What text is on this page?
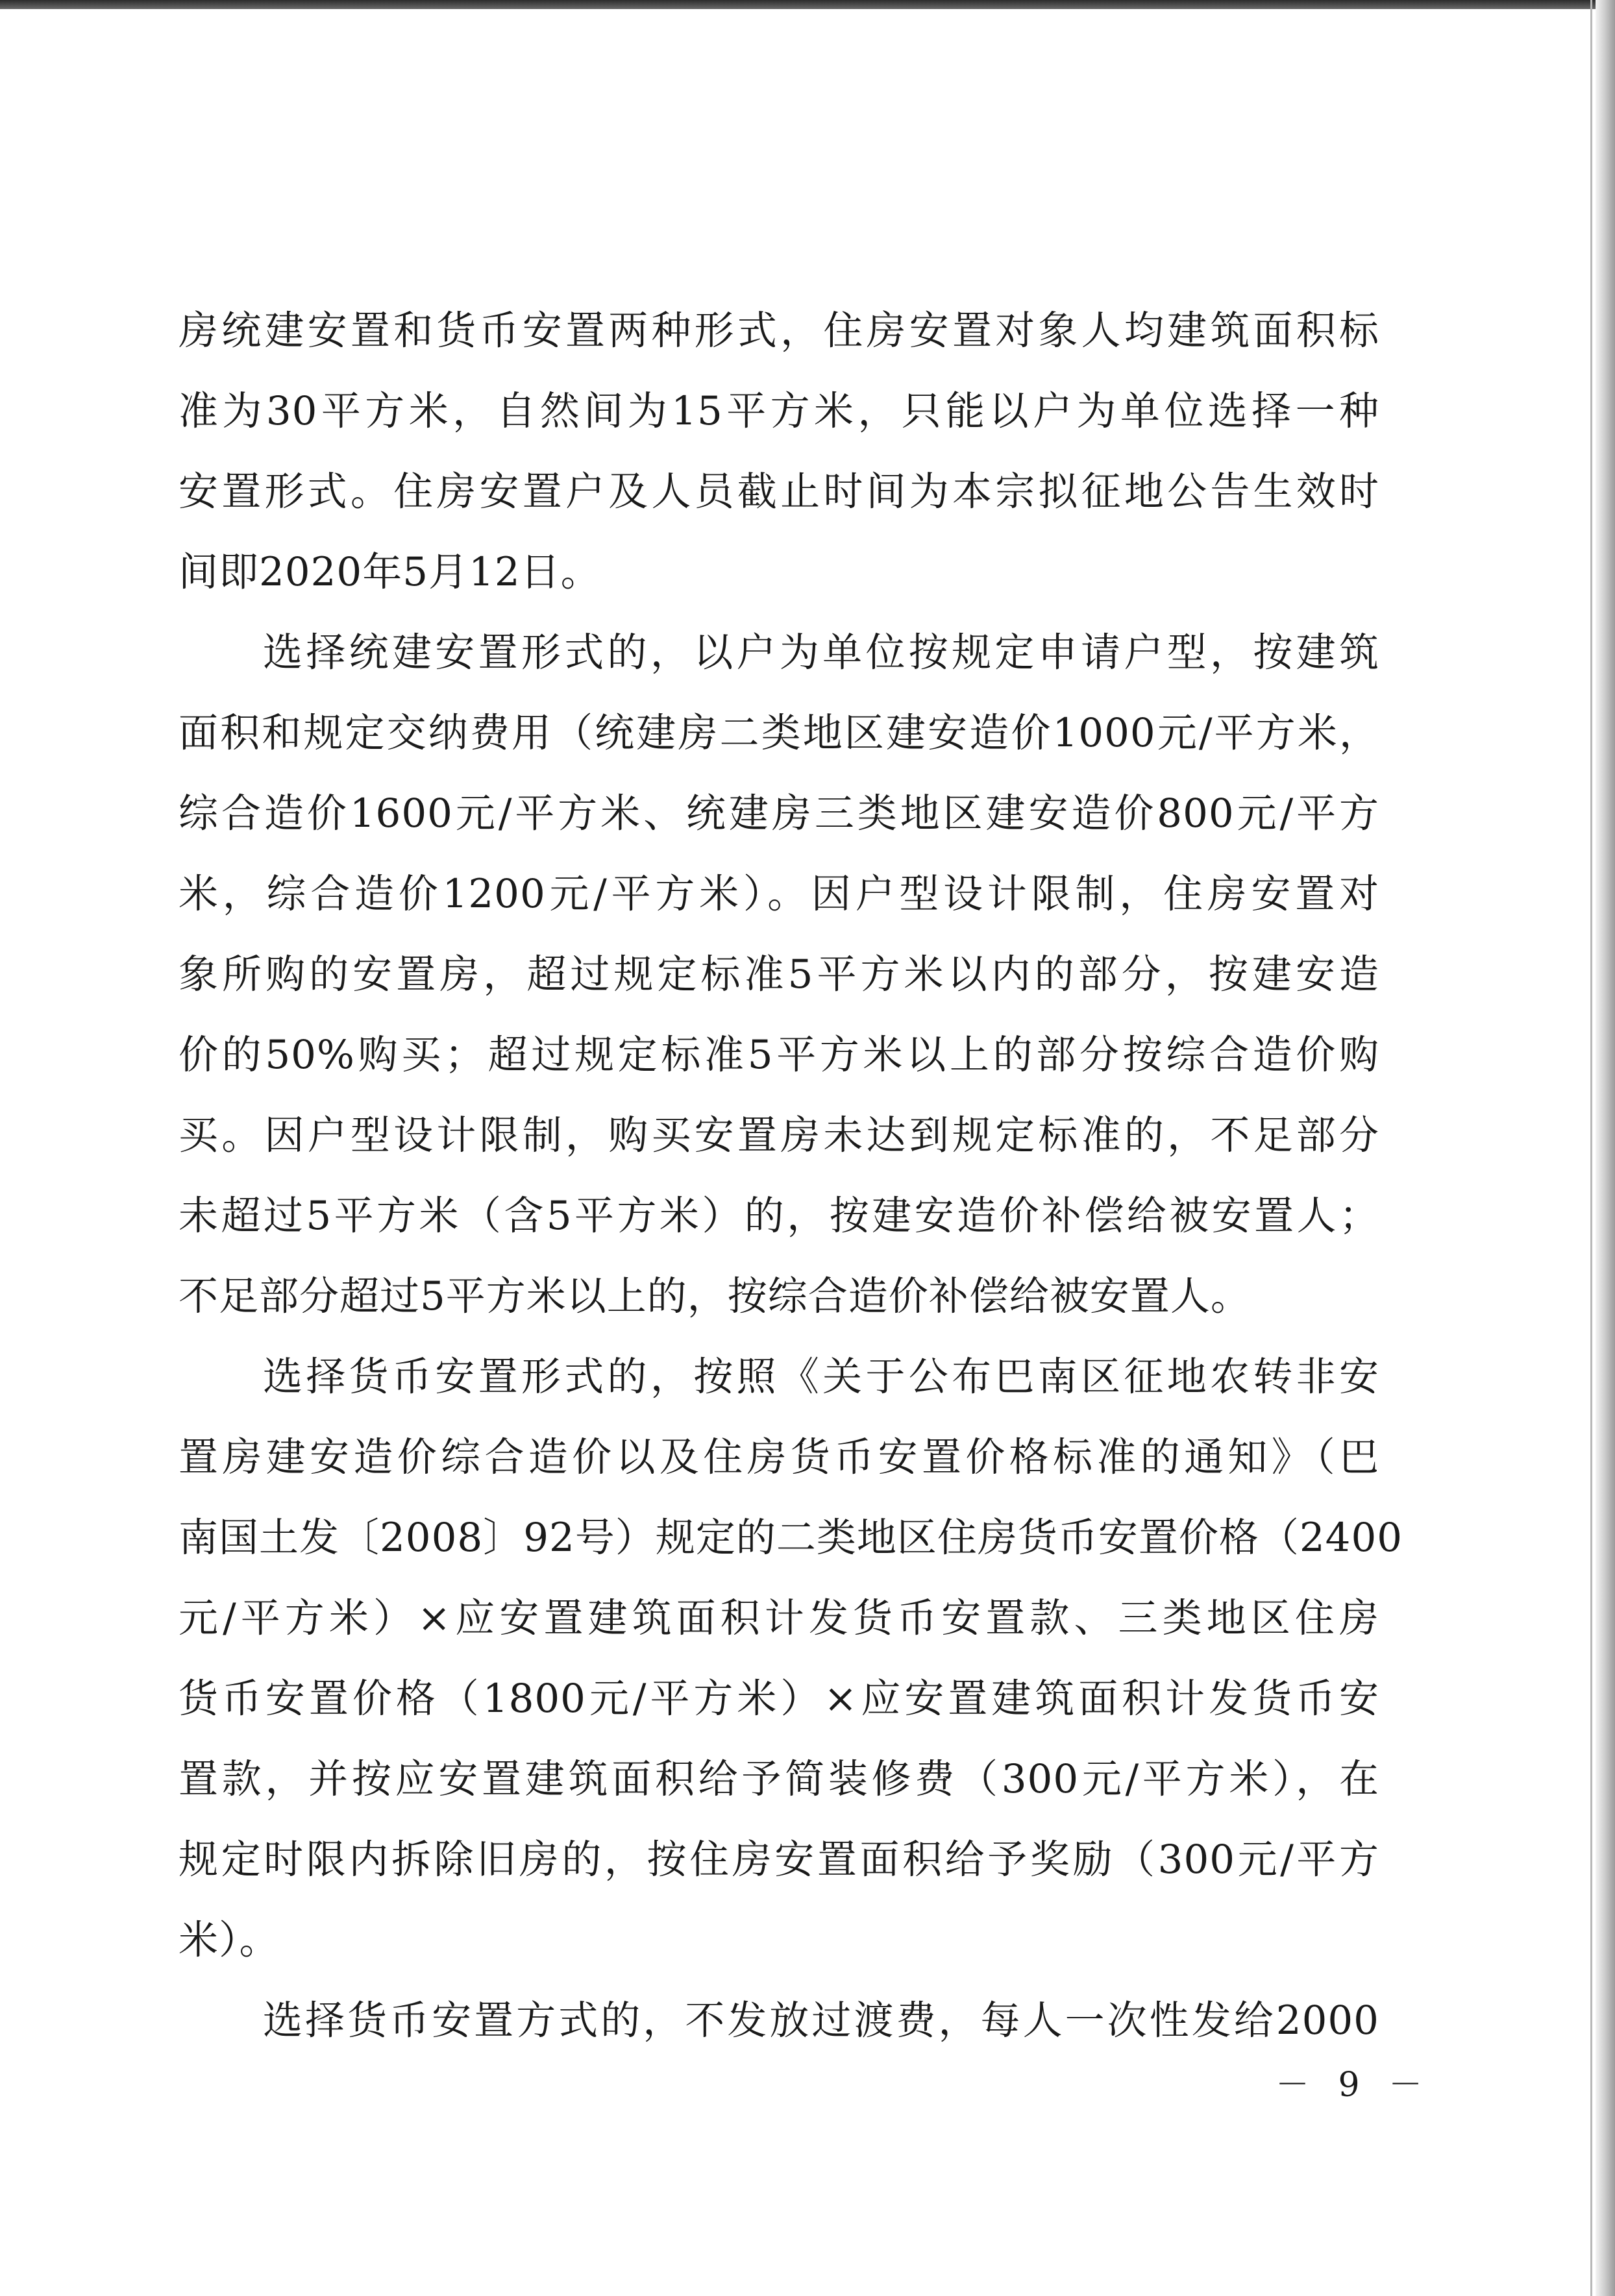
房统建安置和货币安置两种形式，住房安置对象人均建筑面积标
准为30平方米，自然间为15平方米，只能以户为单位选择一种
安置形式。住房安置户及人员截止时间为本宗拟征地公告生效时
间即2020年5月12日。
选择统建安置形式的，以户为单位按规定申请户型，按建筑
面积和规定交纳费用（统建房二类地区建安造价1000元/平方米，
综合造价1600元/平方米、统建房三类地区建安造价800元/平方
米，综合造价1200元/平方米）。因户型设计限制，住房安置对
象所购的安置房，超过规定标准5平方米以内的部分，按建安造
价的50%购买；超过规定标准5平方米以上的部分按综合造价购
买。因户型设计限制，购买安置房未达到规定标准的，不足部分
未超过5平方米（含5平方米）的，按建安造价补偿给被安置人；
不足部分超过5平方米以上的，按综合造价补偿给被安置人。
选择货币安置形式的，按照《关于公布巴南区征地农转非安
置房建安造价综合造价以及住房货币安置价格标准的通知》（巴
南国土发〔2008〕92号）规定的二类地区住房货币安置价格（2400
元/平方米）×应安置建筑面积计发货币安置款、三类地区住房
货币安置价格（1800元/平方米）×应安置建筑面积计发货币安
置款，并按应安置建筑面积给予简装修费（300元/平方米），在
规定时限内拆除旧房的，按住房安置面积给予奖励（300元/平方
米）。
选择货币安置方式的，不发放过渡费，每人一次性发给2000
－ 9 －
